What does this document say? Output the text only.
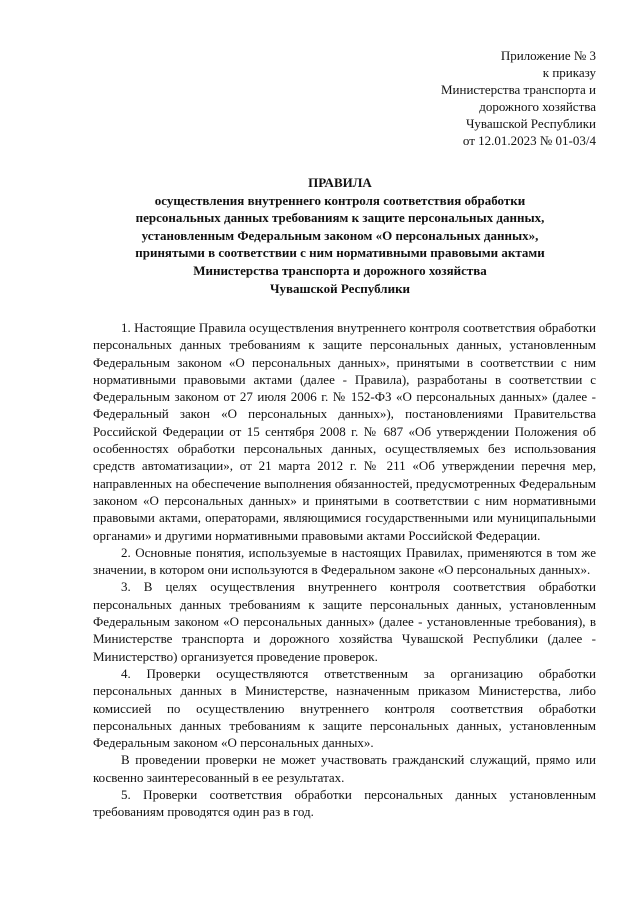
Приложение № 3
к приказу
Министерства транспорта и
дорожного хозяйства
Чувашской Республики
от 12.01.2023 № 01-03/4
ПРАВИЛА
осуществления внутреннего контроля соответствия обработки
персональных данных требованиям к защите персональных данных,
установленным Федеральным законом «О персональных данных»,
принятыми в соответствии с ним нормативными правовыми актами
Министерства транспорта и дорожного хозяйства
Чувашской Республики

1. Настоящие Правила осуществления внутреннего контроля соответствия обработки персональных данных требованиям к защите персональных данных, установленным Федеральным законом «О персональных данных», принятыми в соответствии с ним нормативными правовыми актами (далее - Правила), разработаны в соответствии с Федеральным законом от 27 июля 2006 г. № 152-ФЗ «О персональных данных» (далее - Федеральный закон «О персональных данных»), постановлениями Правительства Российской Федерации от 15 сентября 2008 г. № 687 «Об утверждении Положения об особенностях обработки персональных данных, осуществляемых без использования средств автоматизации», от 21 марта 2012 г. № 211 «Об утверждении перечня мер, направленных на обеспечение выполнения обязанностей, предусмотренных Федеральным законом «О персональных данных» и принятыми в соответствии с ним нормативными правовыми актами, операторами, являющимися государственными или муниципальными органами» и другими нормативными правовыми актами Российской Федерации.

2. Основные понятия, используемые в настоящих Правилах, применяются в том же значении, в котором они используются в Федеральном законе «О персональных данных».

3. В целях осуществления внутреннего контроля соответствия обработки персональных данных требованиям к защите персональных данных, установленным Федеральным законом «О персональных данных» (далее - установленные требования), в Министерстве транспорта и дорожного хозяйства Чувашской Республики (далее - Министерство) организуется проведение проверок.

4. Проверки осуществляются ответственным за организацию обработки персональных данных в Министерстве, назначенным приказом Министерства, либо комиссией по осуществлению внутреннего контроля соответствия обработки персональных данных требованиям к защите персональных данных, установленным Федеральным законом «О персональных данных».

В проведении проверки не может участвовать гражданский служащий, прямо или косвенно заинтересованный в ее результатах.

5. Проверки соответствия обработки персональных данных установленным требованиям проводятся один раз в год.
